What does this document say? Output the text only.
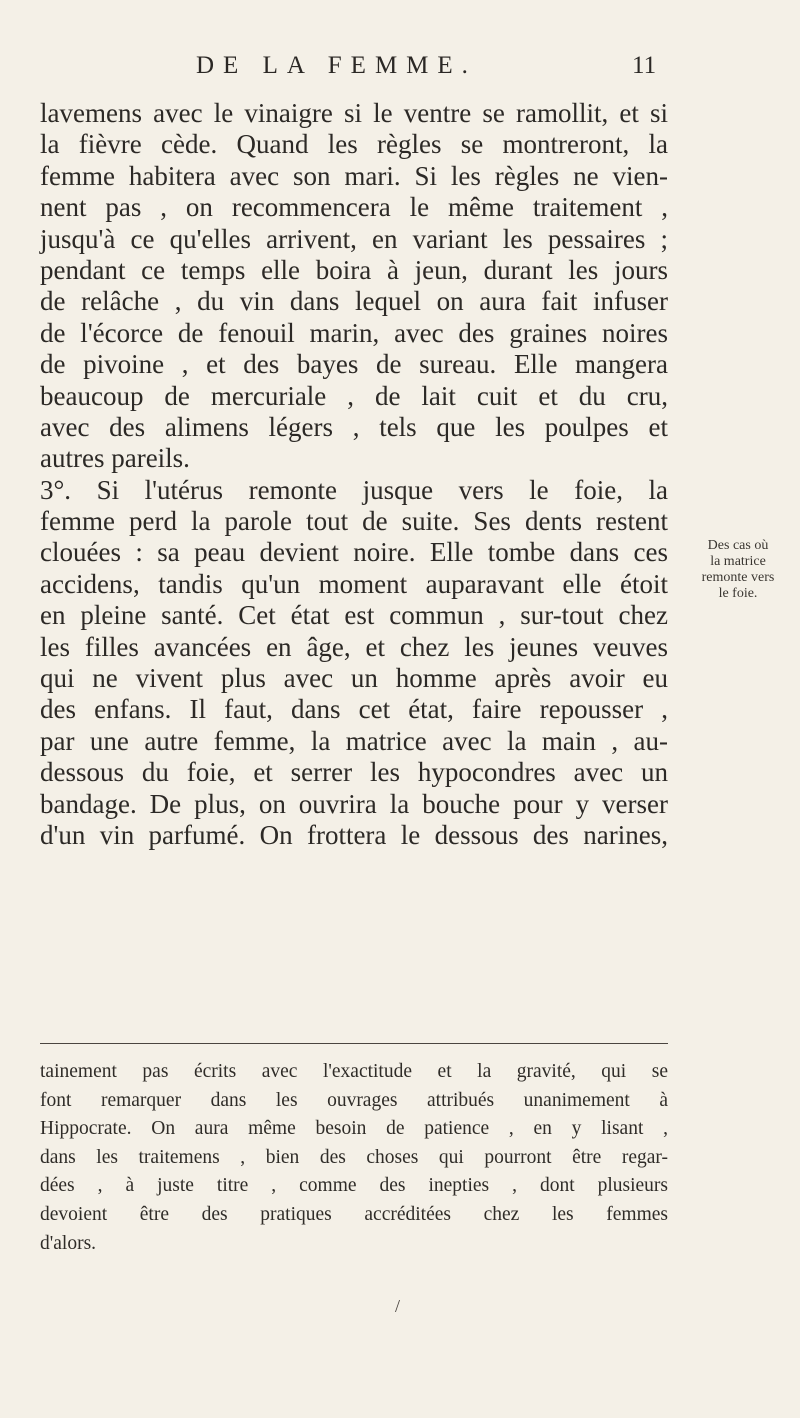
DE LA FEMME.	11
lavemens avec le vinaigre si le ventre se ramollit, et si
la fièvre cède. Quand les règles se montreront, la
femme habitera avec son mari. Si les règles ne vien-
nent pas , on recommencera le même traitement ,
jusqu'à ce qu'elles arrivent, en variant les pessaires ;
pendant ce temps elle boira à jeun, durant les jours
de relâche , du vin dans lequel on aura fait infuser
de l'écorce de fenouil marin, avec des graines noires
de pivoine , et des bayes de sureau. Elle mangera
beaucoup de mercuriale , de lait cuit et du cru,
avec des alimens légers , tels que les poulpes et
autres pareils.
3°. Si l'utérus remonte jusque vers le foie, la
femme perd la parole tout de suite. Ses dents restent
clouées : sa peau devient noire. Elle tombe dans ces
accidens, tandis qu'un moment auparavant elle étoit
en pleine santé. Cet état est commun , sur-tout chez
les filles avancées en âge, et chez les jeunes veuves
qui ne vivent plus avec un homme après avoir eu
des enfans. Il faut, dans cet état, faire repousser ,
par une autre femme, la matrice avec la main , au-
dessous du foie, et serrer les hypocondres avec un
bandage. De plus, on ouvrira la bouche pour y verser
d'un vin parfumé. On frottera le dessous des narines,
Des cas où
la matrice
remonte vers
le foie.
tainement pas écrits avec l'exactitude et la gravité, qui se
font remarquer dans les ouvrages attribués unanimement à
Hippocrate. On aura même besoin de patience , en y lisant ,
dans les traitemens , bien des choses qui pourront être regar-
dées , à juste titre , comme des inepties , dont plusieurs
devoient être des pratiques accréditées chez les femmes
d'alors.
/
